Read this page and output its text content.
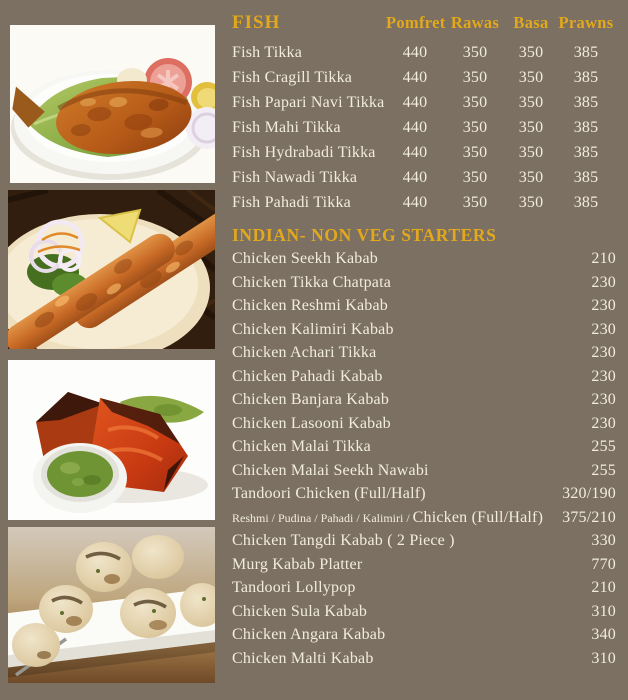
FISH	Pomfret Rawas Basa Prawns
Fish Tikka	440	350	350	385
Fish Cragill Tikka	440	350	350	385
Fish Papari Navi Tikka	440	350	350	385
Fish Mahi Tikka	440	350	350	385
Fish Hydrabadi Tikka	440	350	350	385
Fish Nawadi Tikka	440	350	350	385
Fish Pahadi Tikka	440	350	350	385
INDIAN- NON VEG STARTERS
Chicken Seekh Kabab	210
Chicken Tikka Chatpata	230
Chicken Reshmi Kabab	230
Chicken Kalimiri Kabab	230
Chicken Achari Tikka	230
Chicken Pahadi Kabab	230
Chicken Banjara Kabab	230
Chicken Lasooni Kabab	230
Chicken Malai Tikka	255
Chicken Malai Seekh Nawabi	255
Tandoori Chicken (Full/Half)	320/190
Reshmi / Pudina / Pahadi / Kalimiri / Chicken (Full/Half) 375/210
Chicken Tangdi Kabab ( 2 Piece )	330
Murg Kabab Platter	770
Tandoori Lollypop	210
Chicken Sula Kabab	310
Chicken Angara Kabab	340
Chicken Malti Kabab	310
